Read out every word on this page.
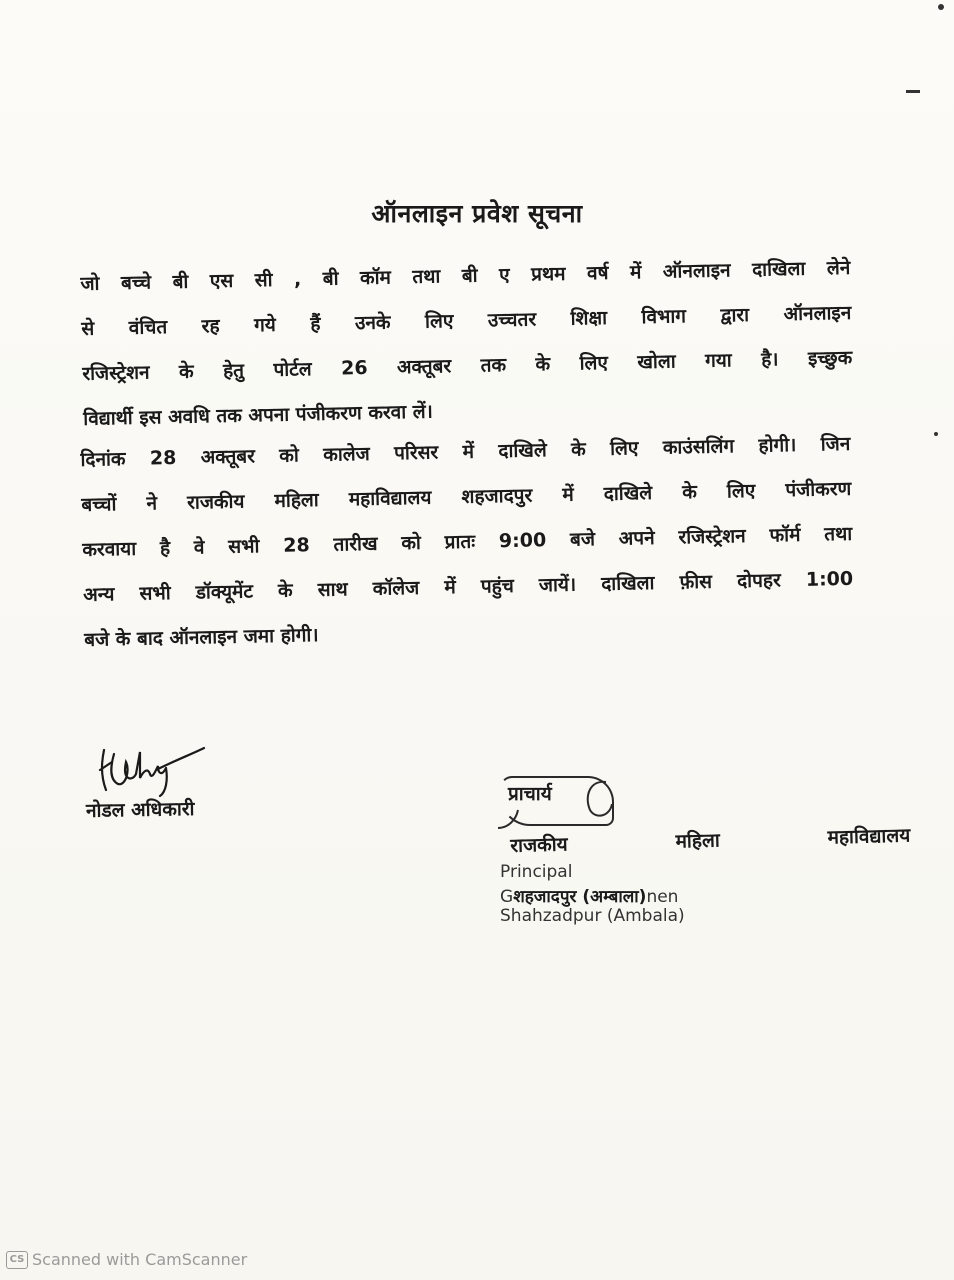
ऑनलाइन प्रवेश सूचना
जो बच्चे बी एस सी , बी कॉम तथा बी ए प्रथम वर्ष में ऑनलाइन दाखिला लेने
से वंचित रह गये हैं उनके लिए उच्चतर शिक्षा विभाग द्वारा ऑनलाइन
रजिस्ट्रेशन के हेतु पोर्टल 26 अक्तूबर तक के लिए खोला गया है। इच्छुक
विद्यार्थी इस अवधि तक अपना पंजीकरण करवा लें।
दिनांक 28 अक्तूबर को कालेज परिसर में दाखिले के लिए काउंसलिंग होगी। जिन
बच्चों ने राजकीय महिला महाविद्यालय शहजादपुर में दाखिले के लिए पंजीकरण
करवाया है वे सभी 28 तारीख को प्रातः 9:00 बजे अपने रजिस्ट्रेशन फॉर्म तथा
अन्य सभी डॉक्यूमेंट के साथ कॉलेज में पहुंच जायें। दाखिला फ़ीस दोपहर 1:00
बजे के बाद ऑनलाइन जमा होगी।
नोडल अधिकारी
प्राचार्य
राजकीय	महिला	महाविद्यालय
Principal
Gशहजादपुर (अम्बाला)nen
Shahzadpur (Ambala)
CS Scanned with CamScanner
